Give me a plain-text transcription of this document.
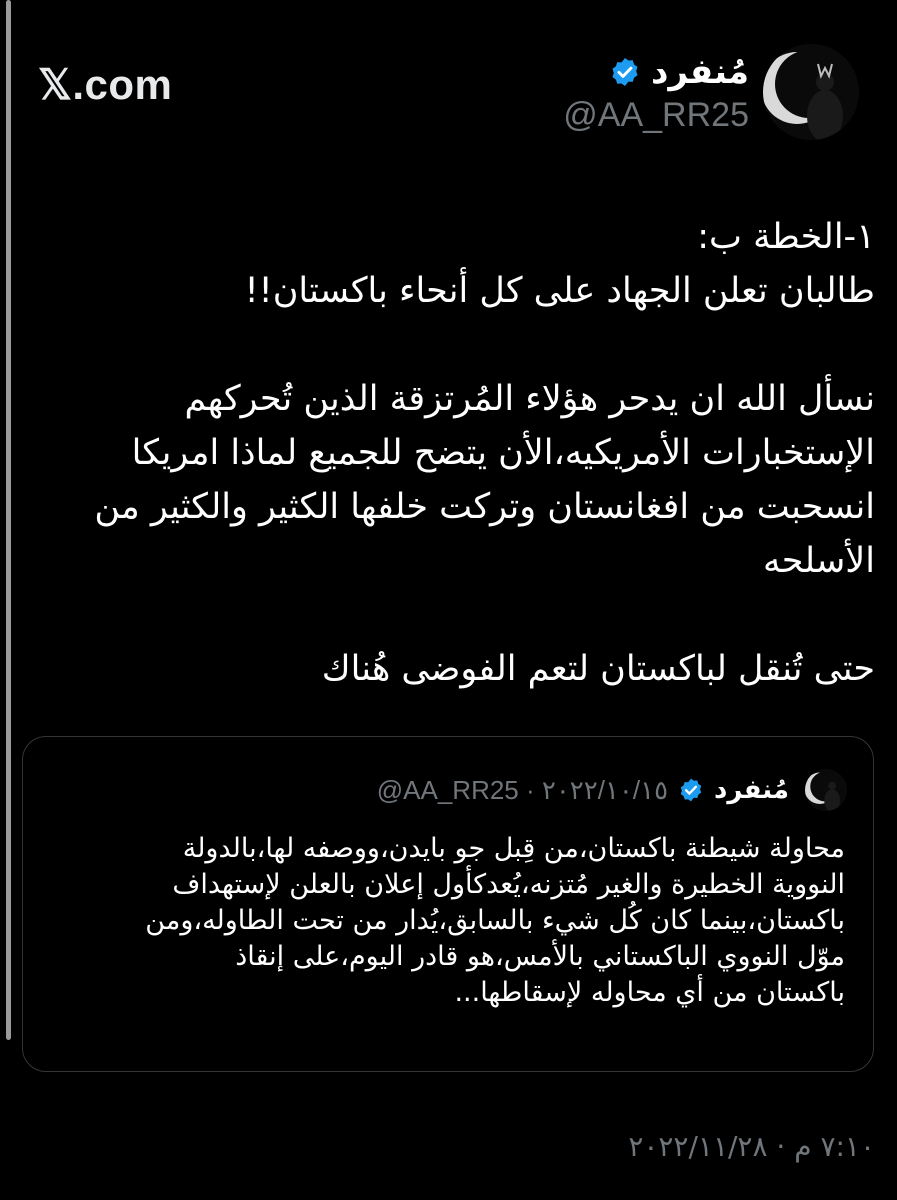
𝕏.com	مُنفرد
@AA_RR25
١-الخطة ب:
طالبان تعلن الجهاد على كل أنحاء باكستان!!
نسأل الله ان يدحر هؤلاء المُرتزقة الذين تُحركهم
الإستخبارات الأمريكيه،الأن يتضح للجميع لماذا امريكا
انسحبت من افغانستان وتركت خلفها الكثير والكثير من
الأسلحه
حتى تُنقل لباكستان لتعم الفوضى هُناك
مُنفرد
@AA_RR25 · ٢٠٢٢/١٠/١٥
محاولة شيطنة باكستان،من قِبل جو بايدن،ووصفه لها،بالدولة
النووية الخطيرة والغير مُتزنه،يُعدكأول إعلان بالعلن لإستهداف
باكستان،بينما كان كُل شيء بالسابق،يُدار من تحت الطاوله،ومن
موّل النووي الباكستاني بالأمس،هو قادر اليوم،على إنقاذ
باكستان من أي محاوله لإسقاطها...
٧:١٠ م · ٢٠٢٢/١١/٢٨
